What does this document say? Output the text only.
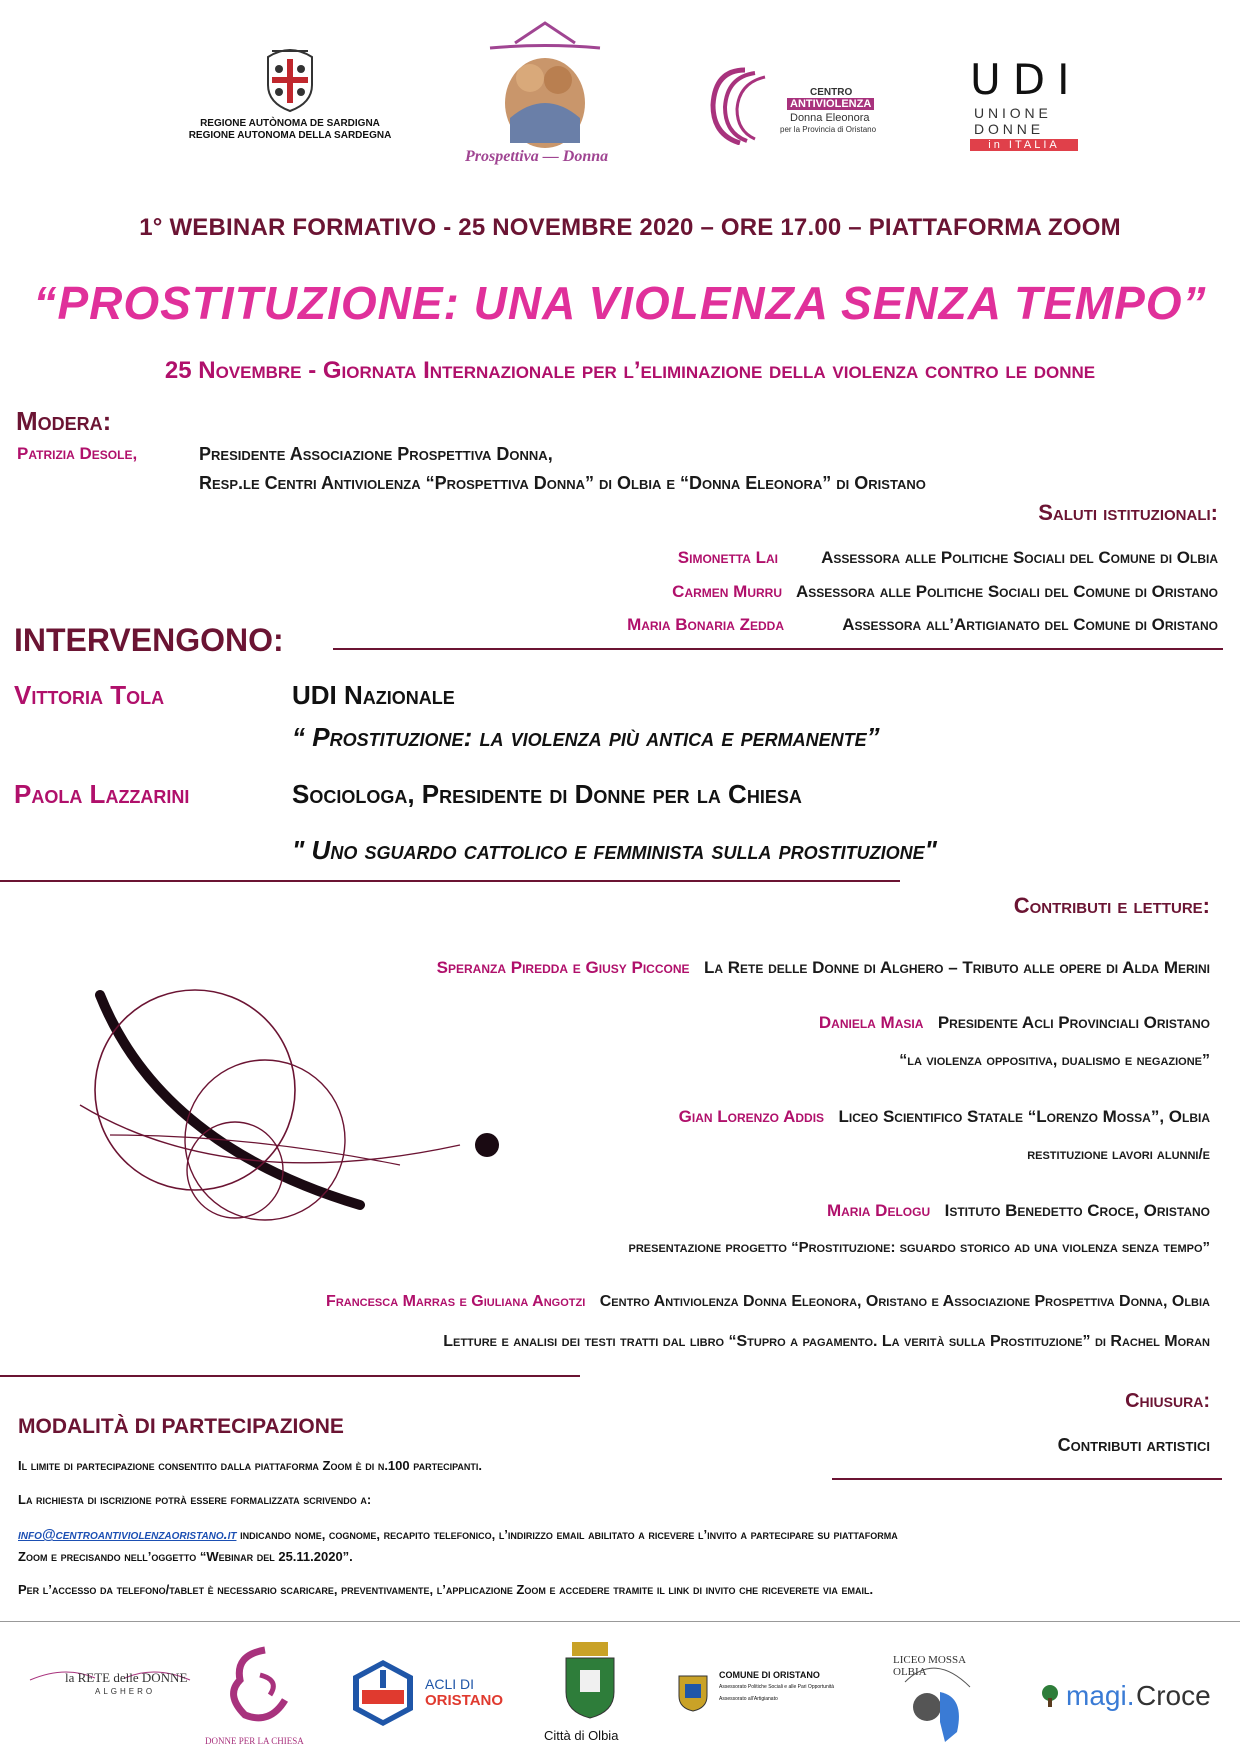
REGIONE AUTÒNOMA DE SARDIGNA
REGIONE AUTONOMA DELLA SARDEGNA
Prospettiva — Donna
CENTRO
ANTIVIOLENZA
Donna Eleonora
per la Provincia di Oristano
UDI
U N I O N E
D O N N E
in ITALIA
1° WEBINAR FORMATIVO - 25 NOVEMBRE 2020 – ORE 17.00 – PIATTAFORMA ZOOM
“PROSTITUZIONE: UNA VIOLENZA SENZA TEMPO”
25 Novembre - Giornata Internazionale per l’eliminazione della violenza contro le donne
Modera:
Patrizia Desole,	Presidente Associazione Prospettiva Donna,
Resp.le Centri Antiviolenza “Prospettiva Donna” di Olbia e “Donna Eleonora” di Oristano
Saluti istituzionali:
Simonetta Lai	Assessora alle Politiche Sociali del Comune di Olbia
Carmen Murru Assessora alle Politiche Sociali del Comune di Oristano
Maria Bonaria Zedda	Assessora all’Artigianato del Comune di Oristano
INTERVENGONO:
Vittoria Tola	UDI Nazionale
“ Prostituzione: la violenza più antica e permanente”
Paola Lazzarini	Sociologa, Presidente di Donne per la Chiesa
" Uno sguardo cattolico e femminista sulla prostituzione"
Contributi e letture:
Speranza Piredda e Giusy Piccone La Rete delle Donne di Alghero – Tributo alle opere di Alda Merini
Daniela Masia Presidente Acli Provinciali Oristano
“la violenza oppositiva, dualismo e negazione”
Gian Lorenzo Addis Liceo Scientifico Statale “Lorenzo Mossa”, Olbia
restituzione lavori alunni/e
Maria Delogu Istituto Benedetto Croce, Oristano
presentazione progetto “Prostituzione: sguardo storico ad una violenza senza tempo”
Francesca Marras e Giuliana Angotzi Centro Antiviolenza Donna Eleonora, Oristano e Associazione Prospettiva Donna, Olbia
Letture e analisi dei testi tratti dal libro “Stupro a pagamento. La verità sulla Prostituzione” di Rachel Moran
MODALITÀ DI PARTECIPAZIONE
Il limite di partecipazione consentito dalla piattaforma Zoom è di n.100 partecipanti.
La richiesta di iscrizione potrà essere formalizzata scrivendo a:
info@centroantiviolenzaoristano.it indicando nome, cognome, recapito telefonico, l’indirizzo email abilitato a ricevere l’invito a partecipare su piattaforma
Zoom e precisando nell’oggetto “Webinar del 25.11.2020”.
Per l’accesso da telefono/tablet è necessario scaricare, preventivamente, l’applicazione Zoom e accedere tramite il link di invito che riceverete via email.
Chiusura:
Contributi artistici
la RETE delle DONNE
ALGHERO
DONNE PER LA CHIESA
ACLI DI
ORISTANO
Città di Olbia
COMUNE DI ORISTANO
Assessorato Politiche Sociali e alle Pari Opportunità
Assessorato all'Artigianato
LICEO MOSSA OLBIA
magi. Croce
